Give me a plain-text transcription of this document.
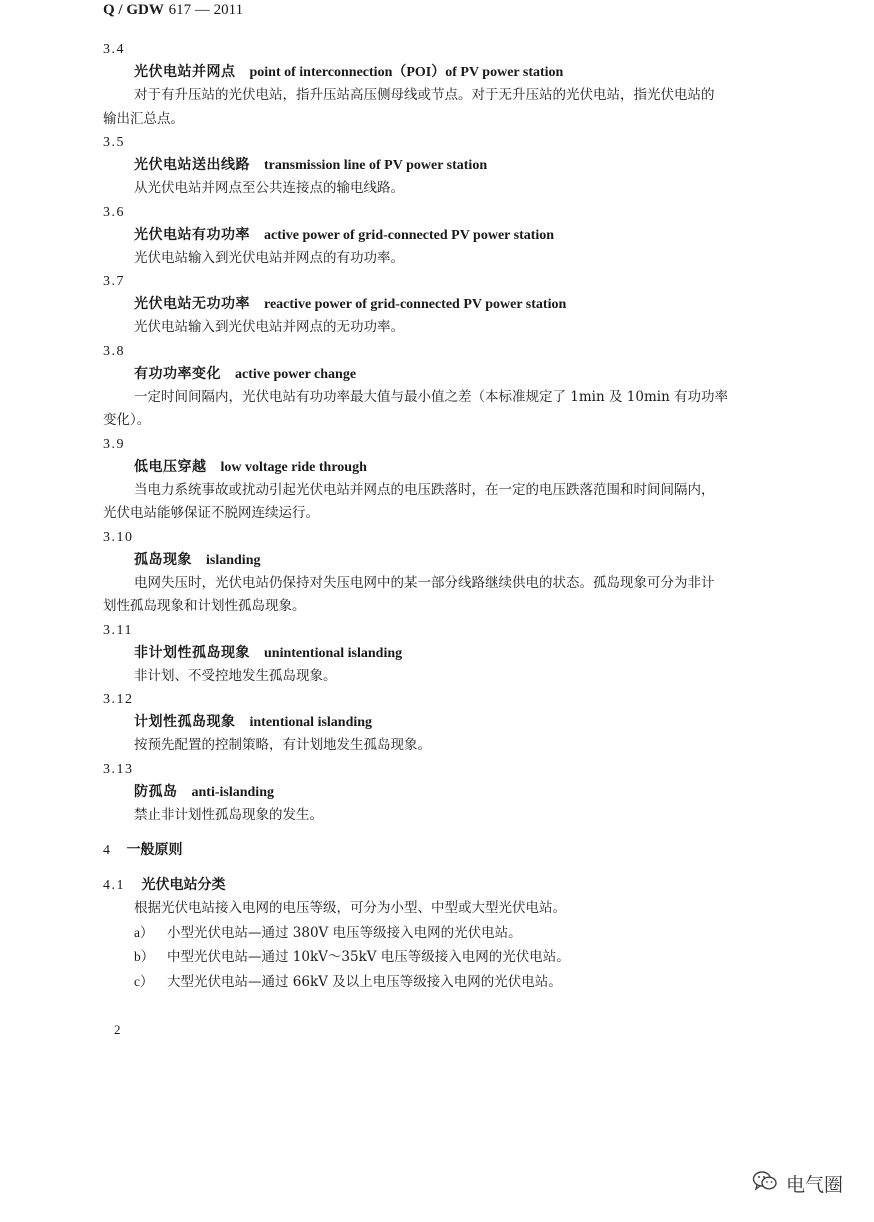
Q / GDW 617 — 2011
3.4
光伏电站并网点 point of interconnection（POI）of PV power station
对于有升压站的光伏电站，指升压站高压侧母线或节点。对于无升压站的光伏电站，指光伏电站的
输出汇总点。
3.5
光伏电站送出线路 transmission line of PV power station
从光伏电站并网点至公共连接点的输电线路。
3.6
光伏电站有功功率 active power of grid-connected PV power station
光伏电站输入到光伏电站并网点的有功功率。
3.7
光伏电站无功功率 reactive power of grid-connected PV power station
光伏电站输入到光伏电站并网点的无功功率。
3.8
有功功率变化 active power change
一定时间间隔内，光伏电站有功功率最大值与最小值之差（本标准规定了 1min 及 10min 有功功率
变化）。
3.9
低电压穿越 low voltage ride through
当电力系统事故或扰动引起光伏电站并网点的电压跌落时，在一定的电压跌落范围和时间间隔内，
光伏电站能够保证不脱网连续运行。
3.10
孤岛现象 islanding
电网失压时，光伏电站仍保持对失压电网中的某一部分线路继续供电的状态。孤岛现象可分为非计
划性孤岛现象和计划性孤岛现象。
3.11
非计划性孤岛现象 unintentional islanding
非计划、不受控地发生孤岛现象。
3.12
计划性孤岛现象 intentional islanding
按预先配置的控制策略，有计划地发生孤岛现象。
3.13
防孤岛 anti-islanding
禁止非计划性孤岛现象的发生。
4 一般原则
4.1 光伏电站分类
根据光伏电站接入电网的电压等级，可分为小型、中型或大型光伏电站。
a） 小型光伏电站—通过 380V 电压等级接入电网的光伏电站。
b） 中型光伏电站—通过 10kV～35kV 电压等级接入电网的光伏电站。
c） 大型光伏电站—通过 66kV 及以上电压等级接入电网的光伏电站。
2
电气圈
